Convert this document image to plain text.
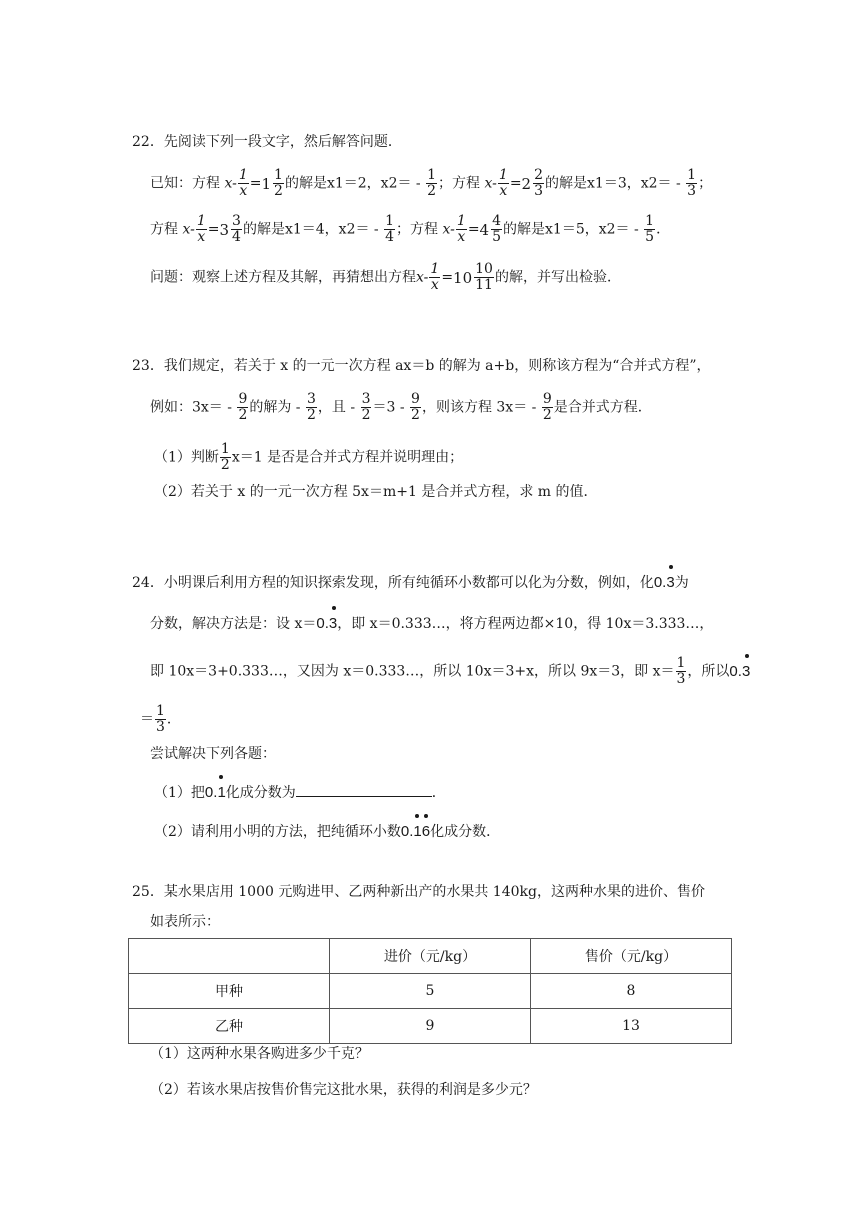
22．先阅读下列一段文字，然后解答问题．
已知：方程 $x- \frac{1}{x} = 1$ 1
2 的解是x1＝2，$x2= - \frac{1}{2}$ ；方程 $x- \frac{1}{x} = 2$ 2
3 的解是x1＝3，$x2= - \frac{1}{3}$ ；
方程 $x- \frac{1}{x} = 3$ 3
4 的解是x1＝4，$x2= - \frac{1}{4}$ ；方程 $x- \frac{1}{x} = 4$ 4
5 的解是x1＝5，$x2= - \frac{1}{5}$ ．
问题：观察上述方程及其解，再猜想出方程$x- \frac{1}{x} = 10$ 10
11 的解，并写出检验．
23．我们规定，若关于 x 的一元一次方程 ax＝b 的解为 a+b，则称该方程为“合并式方程”，
例如：$3x= - \frac{9}{2}$ 的解为 - $\frac{3}{2}$ ，且 - $\frac{3}{2} =3 - \frac{9}{2}$ ，则该方程 $3x= - \frac{9}{2}$ 是合并式方程．
（1）判断 $\frac{1}{2} x=1$ 是否是合并式方程并说明理由；
（2）若关于 x 的一元一次方程 5x＝m+1 是合并式方程，求 m 的值．
24．小明课后利用方程的知识探索发现，所有纯循环小数都可以化为分数，例如，化0.3
为
分数，解决方法是：设 x＝0.3
，即 x＝0.333…，将方程两边都×10，得 10x＝3.333…，
即 10x＝3+0.333…，又因为 x＝0.333…，所以 10x＝3+x，所以 9x＝3，即 $x= \frac{1}{3}$ ，所以0.3
＝ $\frac{1}{3}$ ．
尝试解决下列各题：
（1）把0.1
化成分数为	．
（2）请利用小明的方法，把纯循环小数0.16
化成分数．
25．某水果店用 1000 元购进甲、乙两种新出产的水果共 140kg，这两种水果的进价、售价
如表所示：
	进价（元/kg）	售价（元/kg）
甲种	5	8
乙种	9	13
（1）这两种水果各购进多少千克？
（2）若该水果店按售价售完这批水果，获得的利润是多少元？
